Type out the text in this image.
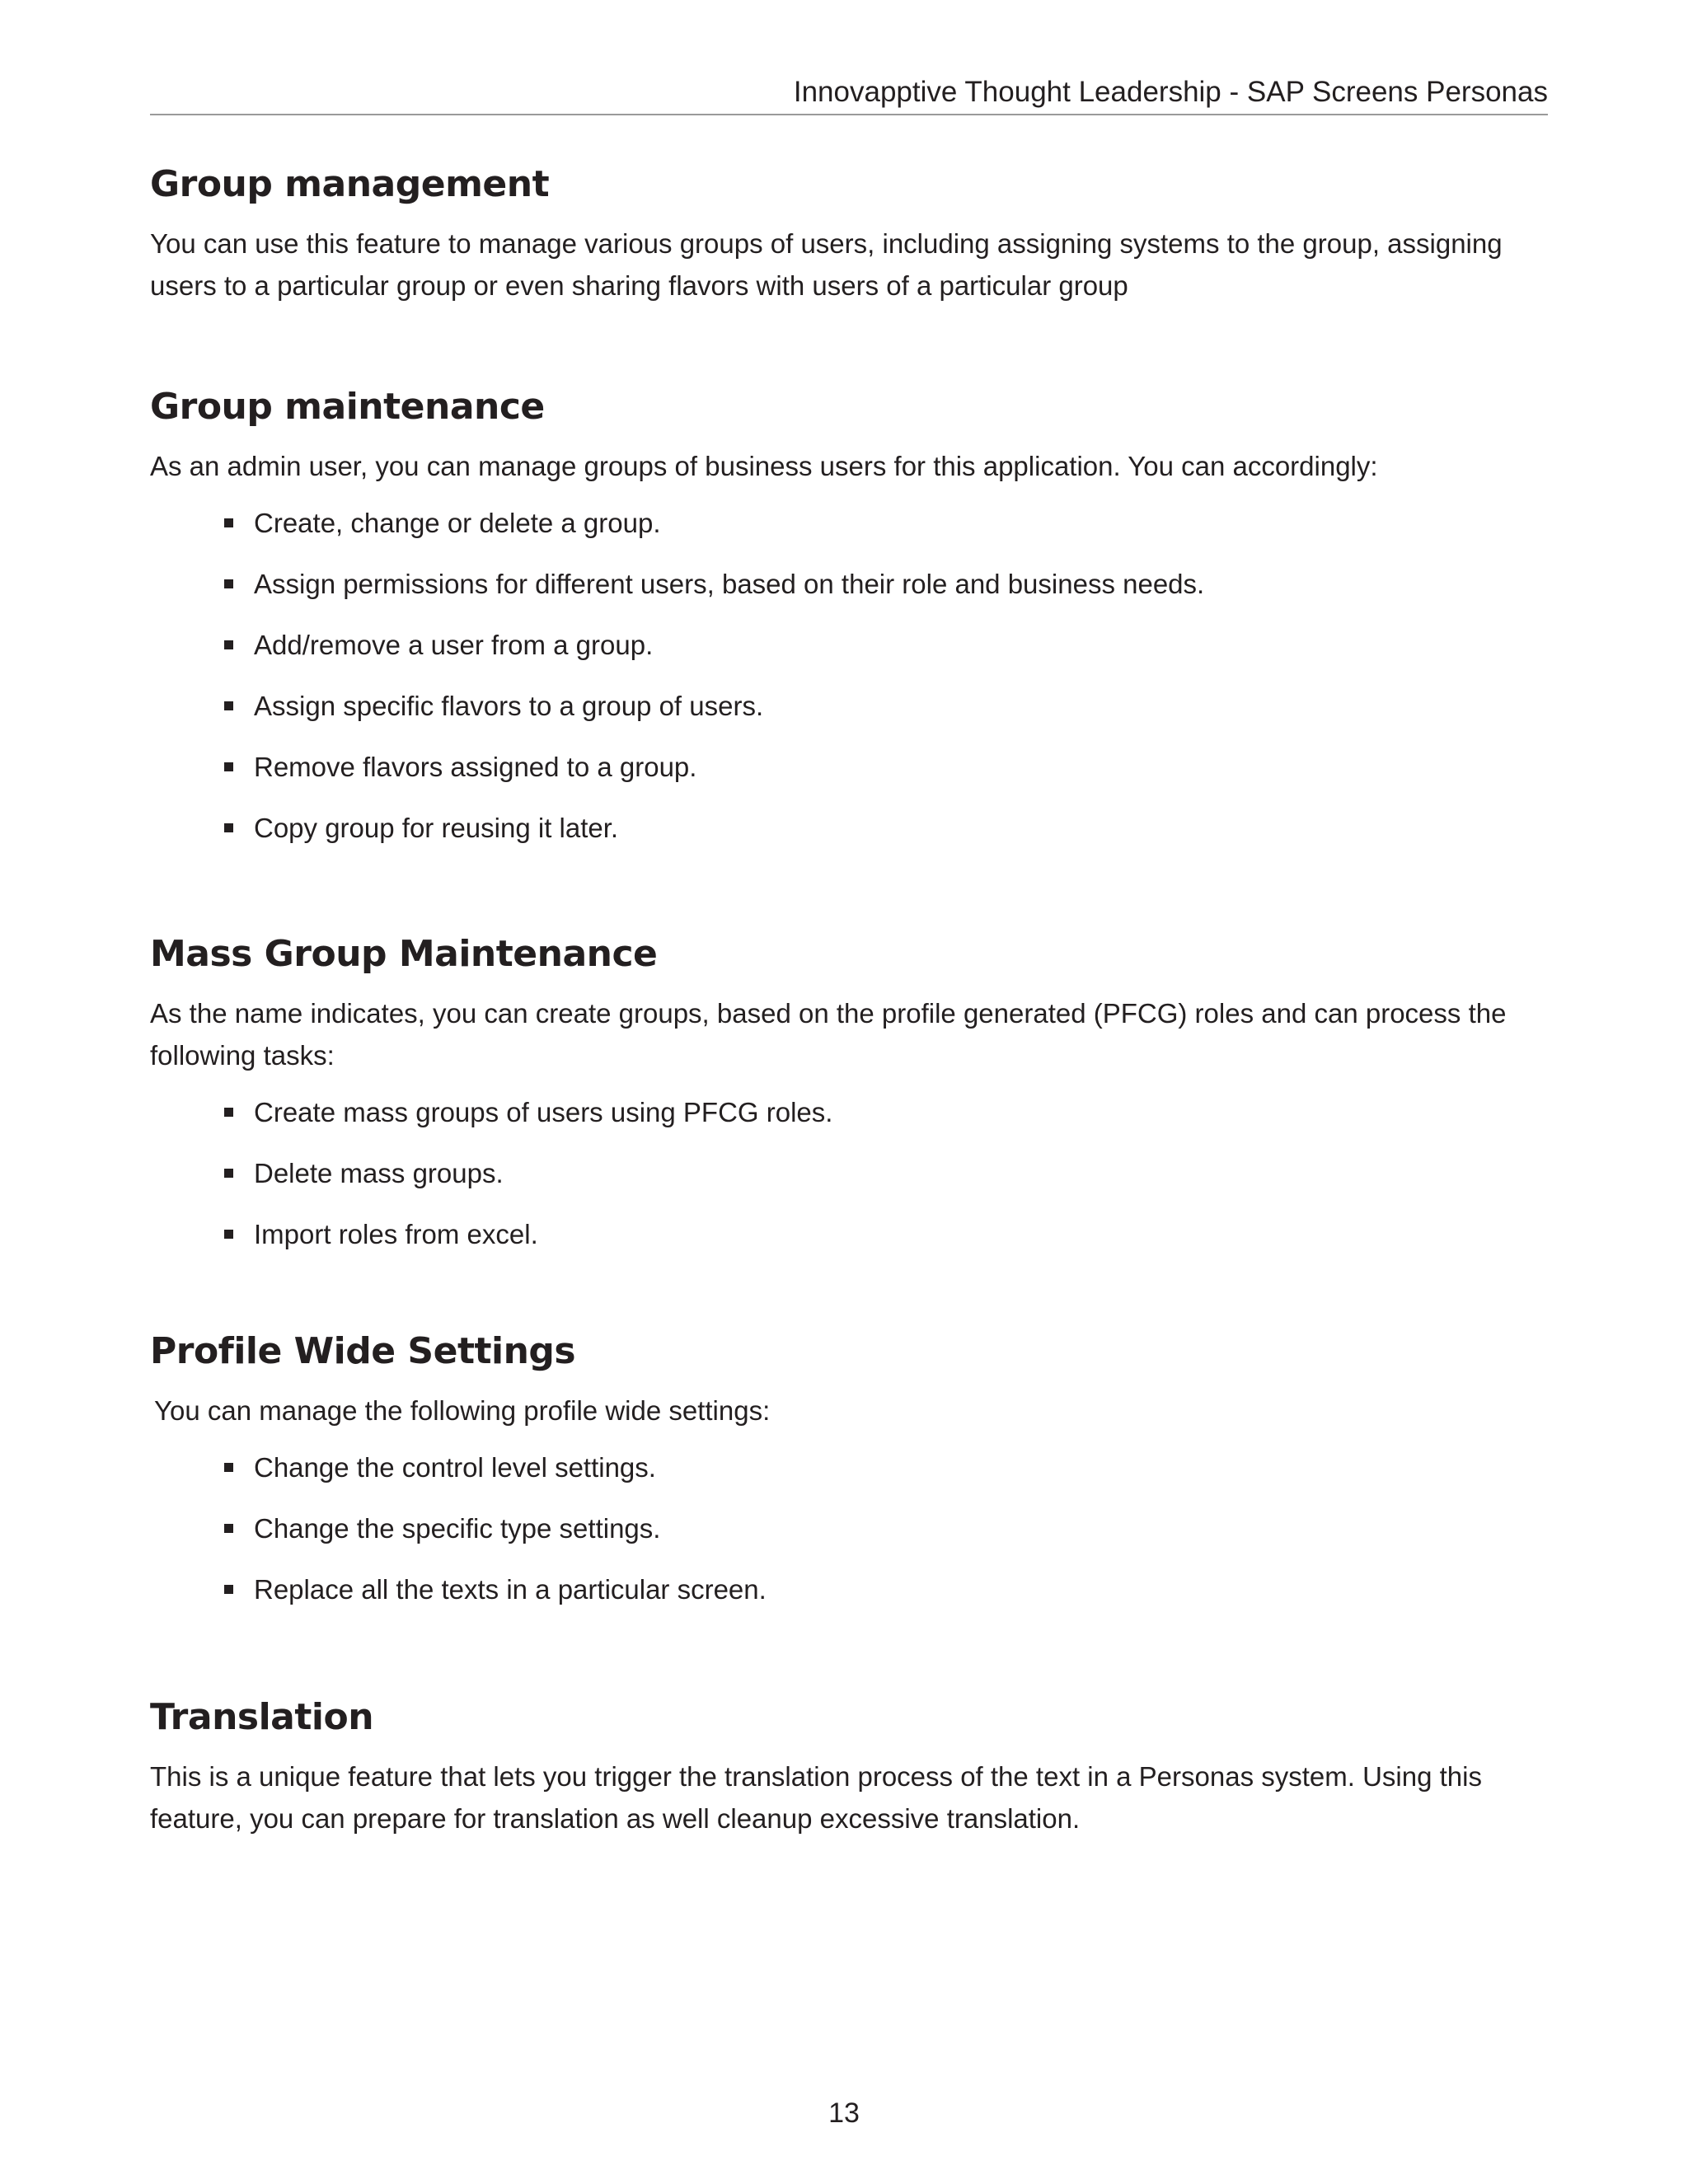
Innovapptive Thought Leadership - SAP Screens Personas
Group management

You can use this feature to manage various groups of users, including assigning systems to the group, assigning users to a particular group or even sharing flavors with users of a particular group

Group maintenance

As an admin user, you can manage groups of business users for this application. You can accordingly:

Create, change or delete a group.
Assign permissions for different users, based on their role and business needs.
Add/remove a user from a group.
Assign specific flavors to a group of users.
Remove flavors assigned to a group.
Copy group for reusing it later.
Mass Group Maintenance

As the name indicates, you can create groups, based on the profile generated (PFCG) roles and can process the following tasks:

Create mass groups of users using PFCG roles.
Delete mass groups.
Import roles from excel.
Profile Wide Settings

You can manage the following profile wide settings:

Change the control level settings.
Change the specific type settings.
Replace all the texts in a particular screen.
Translation

This is a unique feature that lets you trigger the translation process of the text in a Personas system. Using this feature, you can prepare for translation as well cleanup excessive translation.

13
